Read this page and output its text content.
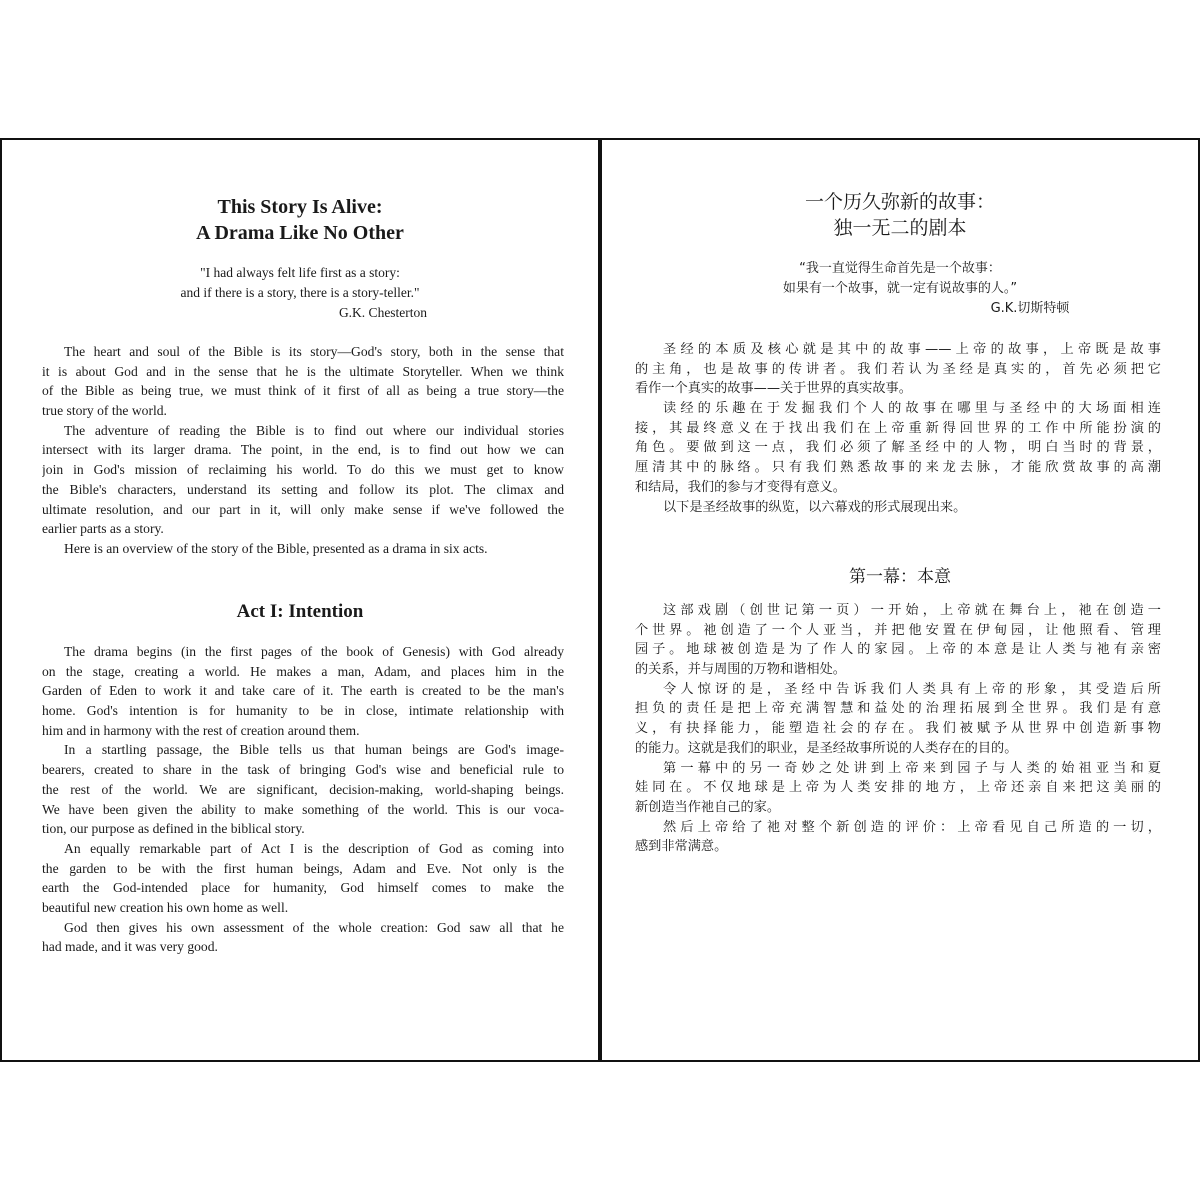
This Story Is Alive:
A Drama Like No Other
"I had always felt life first as a story:
and if there is a story, there is a story-teller."
G.K. Chesterton
The heart and soul of the Bible is its story—God's story, both in the sense that
it is about God and in the sense that he is the ultimate Storyteller. When we think
of the Bible as being true, we must think of it first of all as being a true story—the
true story of the world.
The adventure of reading the Bible is to find out where our individual stories
intersect with its larger drama. The point, in the end, is to find out how we can
join in God's mission of reclaiming his world. To do this we must get to know
the Bible's characters, understand its setting and follow its plot. The climax and
ultimate resolution, and our part in it, will only make sense if we've followed the
earlier parts as a story.
Here is an overview of the story of the Bible, presented as a drama in six acts.
Act I: Intention
The drama begins (in the first pages of the book of Genesis) with God already
on the stage, creating a world. He makes a man, Adam, and places him in the
Garden of Eden to work it and take care of it. The earth is created to be the man's
home. God's intention is for humanity to be in close, intimate relationship with
him and in harmony with the rest of creation around them.
In a startling passage, the Bible tells us that human beings are God's image-
bearers, created to share in the task of bringing God's wise and beneficial rule to
the rest of the world. We are significant, decision-making, world-shaping beings.
We have been given the ability to make something of the world. This is our voca-
tion, our purpose as defined in the biblical story.
An equally remarkable part of Act I is the description of God as coming into
the garden to be with the first human beings, Adam and Eve. Not only is the
earth the God-intended place for humanity, God himself comes to make the
beautiful new creation his own home as well.
God then gives his own assessment of the whole creation: God saw all that he
had made, and it was very good.
一个历久弥新的故事：
独一无二的剧本
“我一直觉得生命首先是一个故事：
如果有一个故事，就一定有说故事的人。”
G.K.切斯特顿
圣经的本质及核心就是其中的故事——上帝的故事，上帝既是故事
的主角，也是故事的传讲者。我们若认为圣经是真实的，首先必须把它
看作一个真实的故事——关于世界的真实故事。
读经的乐趣在于发掘我们个人的故事在哪里与圣经中的大场面相连
接，其最终意义在于找出我们在上帝重新得回世界的工作中所能扮演的
角色。要做到这一点，我们必须了解圣经中的人物，明白当时的背景，
厘清其中的脉络。只有我们熟悉故事的来龙去脉，才能欣赏故事的高潮
和结局，我们的参与才变得有意义。
以下是圣经故事的纵览，以六幕戏的形式展现出来。
第一幕：本意
这部戏剧（创世记第一页）一开始，上帝就在舞台上，祂在创造一
个世界。祂创造了一个人亚当，并把他安置在伊甸园，让他照看、管理
园子。地球被创造是为了作人的家园。上帝的本意是让人类与祂有亲密
的关系，并与周围的万物和谐相处。
令人惊讶的是，圣经中告诉我们人类具有上帝的形象，其受造后所
担负的责任是把上帝充满智慧和益处的治理拓展到全世界。我们是有意
义，有抉择能力，能塑造社会的存在。我们被赋予从世界中创造新事物
的能力。这就是我们的职业，是圣经故事所说的人类存在的目的。
第一幕中的另一奇妙之处讲到上帝来到园子与人类的始祖亚当和夏
娃同在。不仅地球是上帝为人类安排的地方，上帝还亲自来把这美丽的
新创造当作祂自己的家。
然后上帝给了祂对整个新创造的评价：上帝看见自己所造的一切，
感到非常满意。
